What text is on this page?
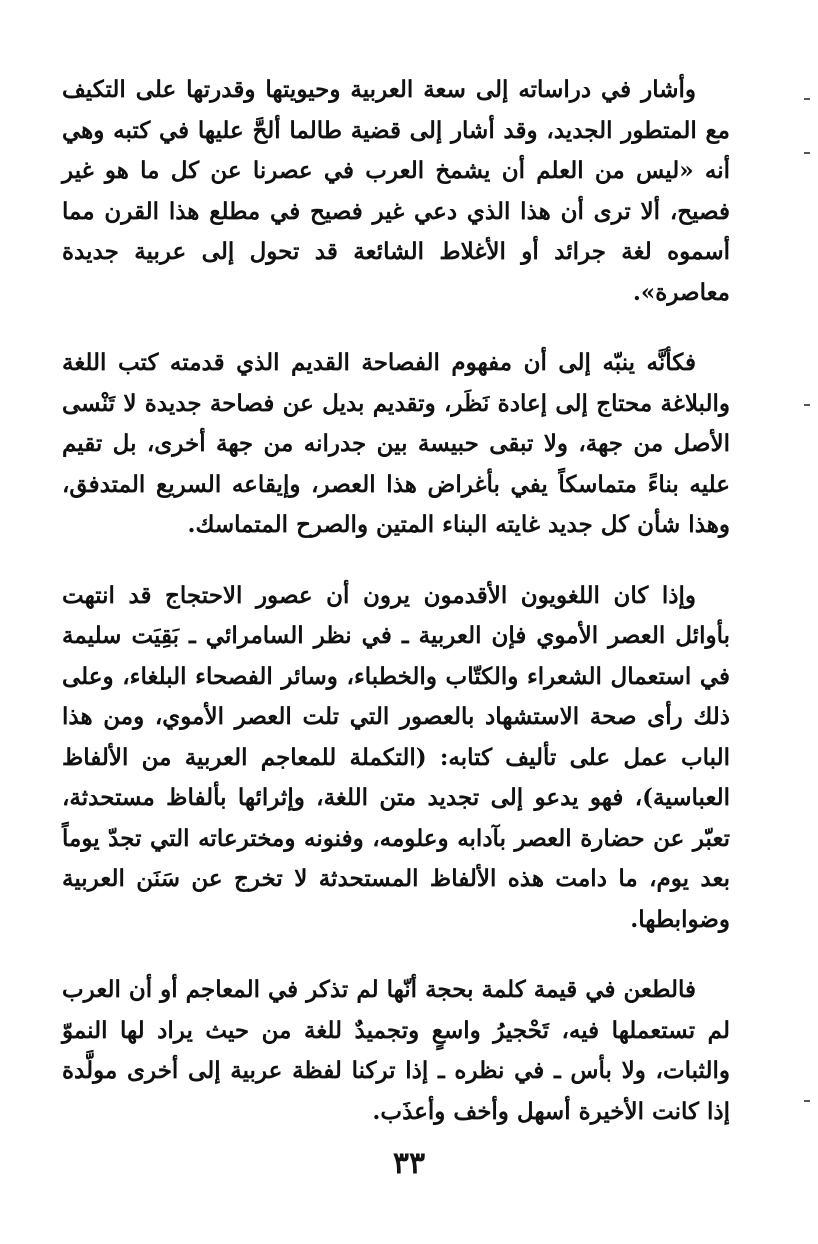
وأشار في دراساته إلى سعة العربية وحيويتها وقدرتها على التكيف مع المتطور الجديد، وقد أشار إلى قضية طالما ألحَّ عليها في كتبه وهي أنه «ليس من العلم أن يشمخ العرب في عصرنا عن كل ما هو غير فصيح، ألا ترى أن هذا الذي دعي غير فصيح في مطلع هذا القرن مما أسموه لغة جرائد أو الأغلاط الشائعة قد تحول إلى عربية جديدة معاصرة».

فكأنَّه ينبّه إلى أن مفهوم الفصاحة القديم الذي قدمته كتب اللغة والبلاغة محتاج إلى إعادة نَظَر، وتقديم بديل عن فصاحة جديدة لا تَنْسى الأصل من جهة، ولا تبقى حبيسة بين جدرانه من جهة أخرى، بل تقيم عليه بناءً متماسكاً يفي بأغراض هذا العصر، وإيقاعه السريع المتدفق، وهذا شأن كل جديد غايته البناء المتين والصرح المتماسك.

وإذا كان اللغويون الأقدمون يرون أن عصور الاحتجاج قد انتهت بأوائل العصر الأموي فإن العربية ـ في نظر السامرائي ـ بَقِيَت سليمة في استعمال الشعراء والكتّاب والخطباء، وسائر الفصحاء البلغاء، وعلى ذلك رأى صحة الاستشهاد بالعصور التي تلت العصر الأموي، ومن هذا الباب عمل على تأليف كتابه: (التكملة للمعاجم العربية من الألفاظ العباسية)، فهو يدعو إلى تجديد متن اللغة، وإثرائها بألفاظ مستحدثة، تعبّر عن حضارة العصر بآدابه وعلومه، وفنونه ومخترعاته التي تجدّ يوماً بعد يوم، ما دامت هذه الألفاظ المستحدثة لا تخرج عن سَنَن العربية وضوابطها.

فالطعن في قيمة كلمة بحجة أنّها لم تذكر في المعاجم أو أن العرب لم تستعملها فيه، تَحْجيرُ واسعٍ وتجميدٌ للغة من حيث يراد لها النموّ والثبات، ولا بأس ـ في نظره ـ إذا تركنا لفظة عربية إلى أخرى مولَّدة إذا كانت الأخيرة أسهل وأخف وأعذَب.

٣٣
